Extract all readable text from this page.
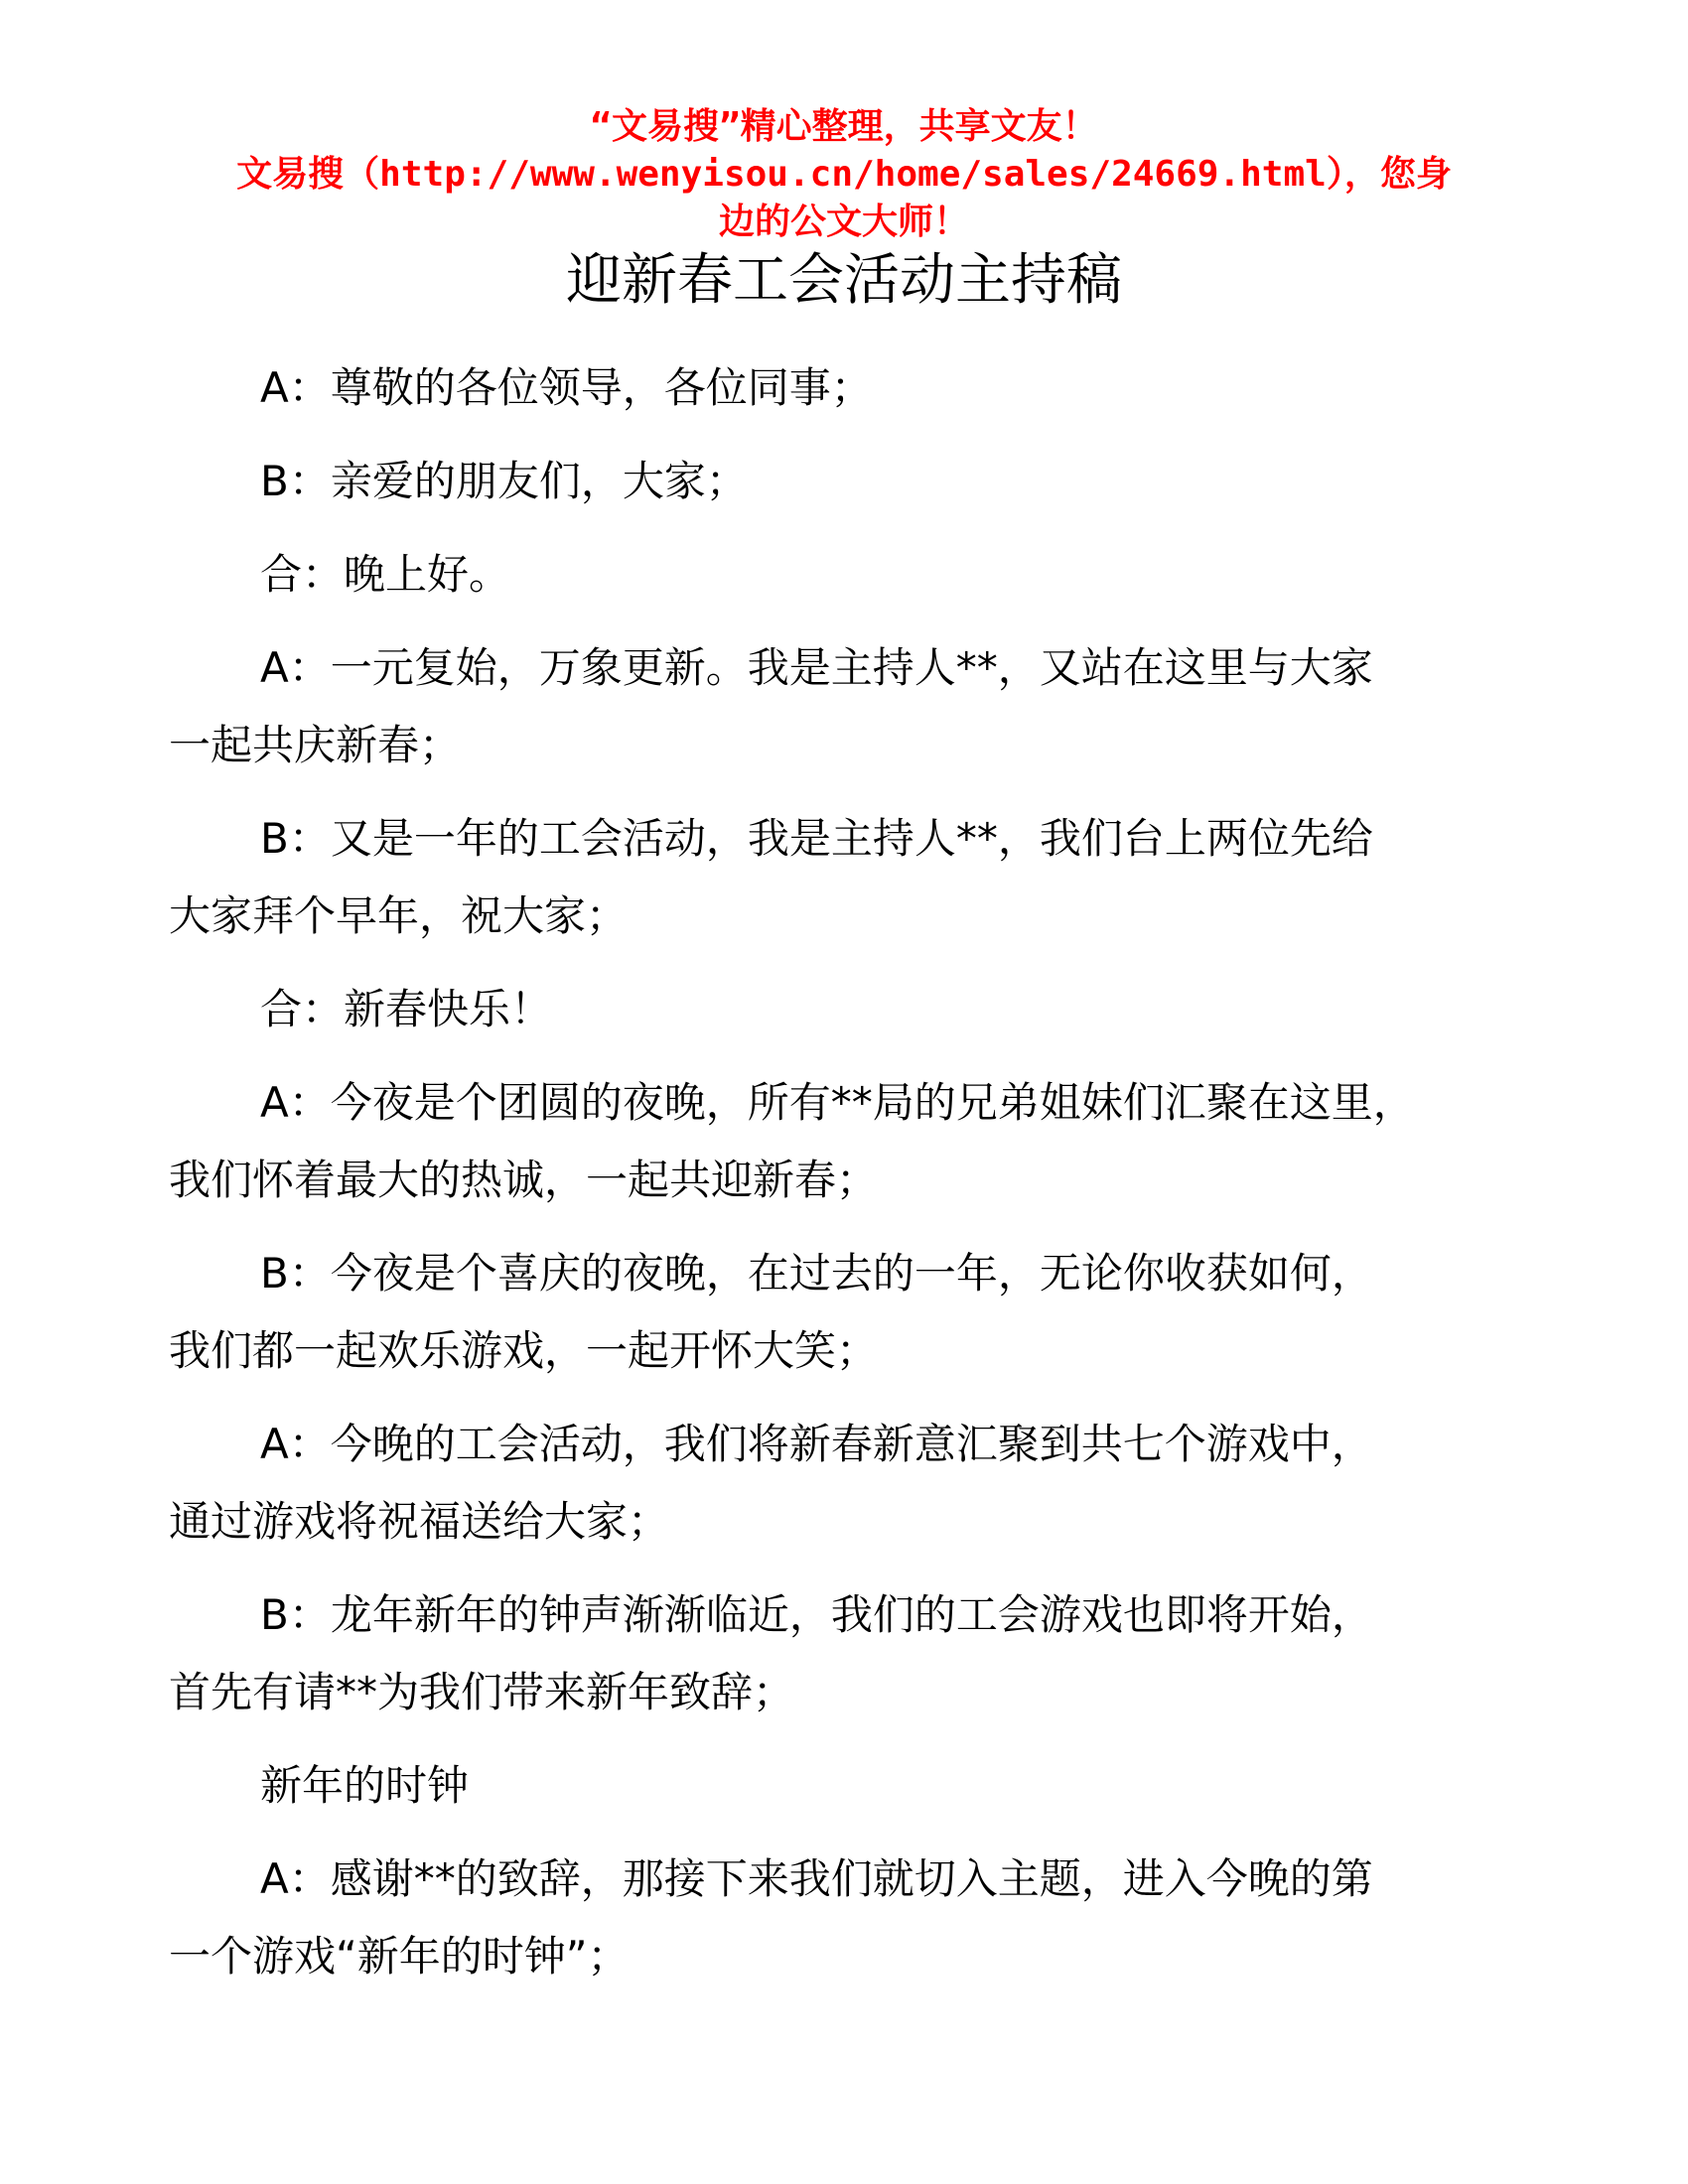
“文易搜”精心整理，共享文友！
文易搜（http://www.wenyisou.cn/home/sales/24669.html），您身
边的公文大师！
迎新春工会活动主持稿

A：尊敬的各位领导，各位同事；

B：亲爱的朋友们，大家；

合：晚上好。

A：一元复始，万象更新。我是主持人**，又站在这里与大家
一起共庆新春；

B：又是一年的工会活动，我是主持人**，我们台上两位先给
大家拜个早年，祝大家；

合：新春快乐！

A：今夜是个团圆的夜晚，所有**局的兄弟姐妹们汇聚在这里，
我们怀着最大的热诚，一起共迎新春；

B：今夜是个喜庆的夜晚，在过去的一年，无论你收获如何，
我们都一起欢乐游戏，一起开怀大笑；

A：今晚的工会活动，我们将新春新意汇聚到共七个游戏中，
通过游戏将祝福送给大家；

B：龙年新年的钟声渐渐临近，我们的工会游戏也即将开始，
首先有请**为我们带来新年致辞；

新年的时钟

A：感谢**的致辞，那接下来我们就切入主题，进入今晚的第
一个游戏“新年的时钟”；
